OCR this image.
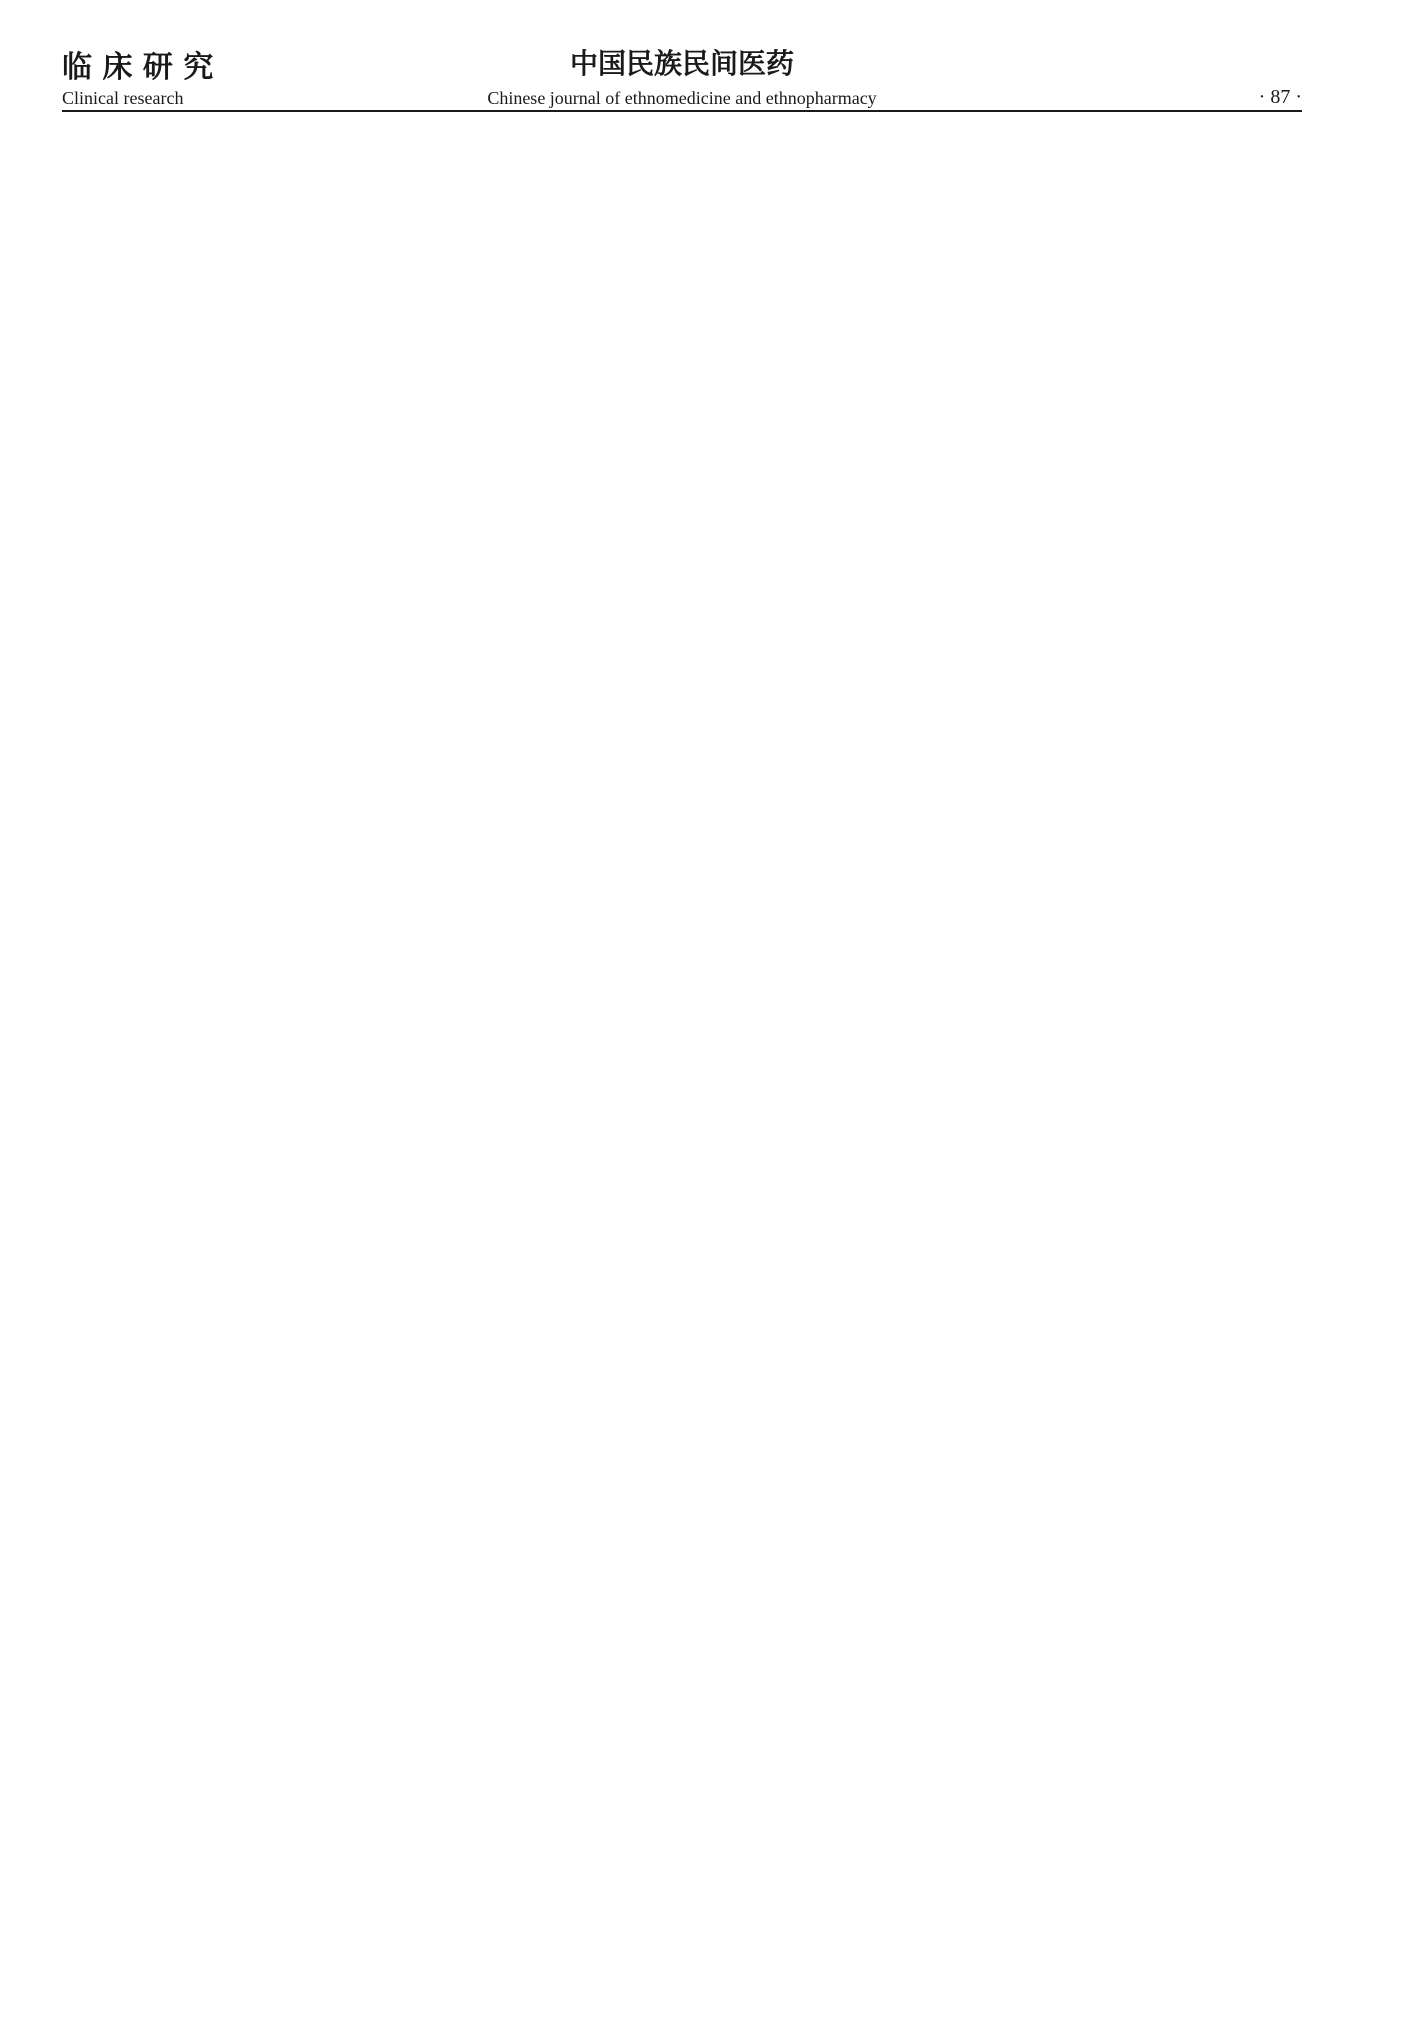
临 床 研 究
Clinical research
中国民族民间医药
Chinese journal of ethnomedicine and ethnopharmacy	· 87 ·
